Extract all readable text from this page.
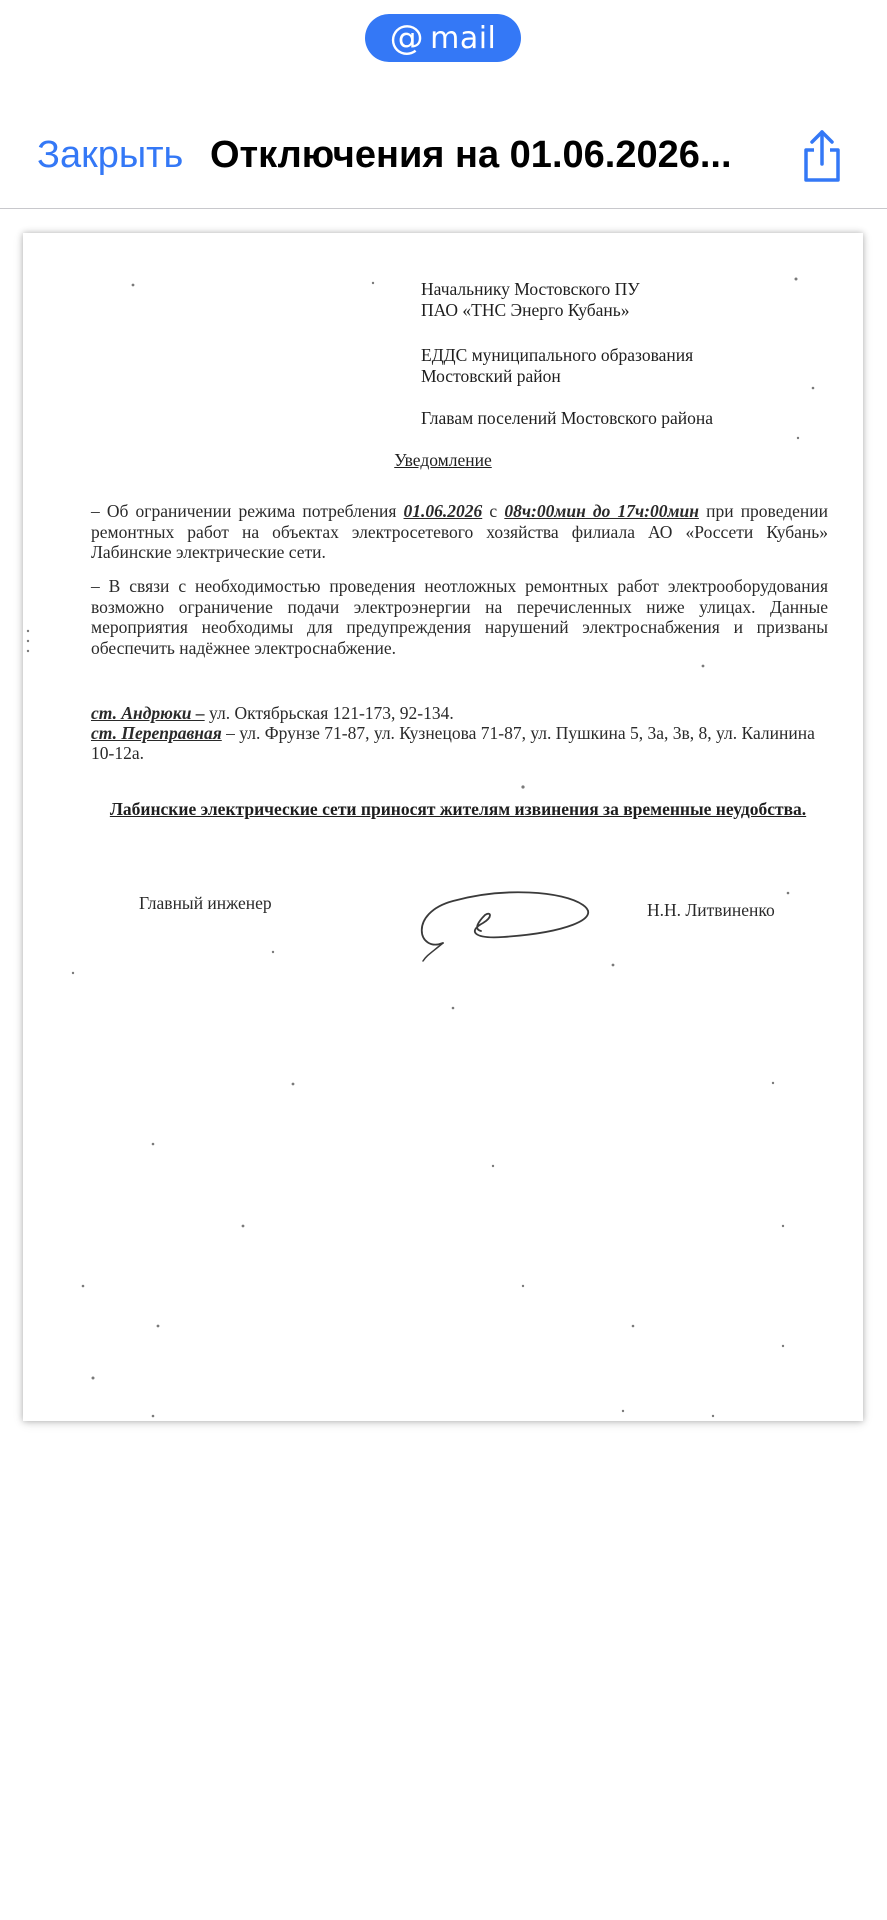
@ mail
Закрыть Отключения на 01.06.2026...
Начальнику Мостовского ПУ
ПАО «ТНС Энерго Кубань»
ЕДДС муниципального образования
Мостовский район
Главам поселений Мостовского района
Уведомление
– Об ограничении режима потребления 01.06.2026 с 08ч:00мин до 17ч:00мин при проведении ремонтных работ на объектах электросетевого хозяйства филиала АО «Россети Кубань» Лабинские электрические сети.
– В связи с необходимостью проведения неотложных ремонтных работ электрооборудования возможно ограничение подачи электроэнергии на перечисленных ниже улицах. Данные мероприятия необходимы для предупреждения нарушений электроснабжения и призваны обеспечить надёжнее электроснабжение.
ст. Андрюки – ул. Октябрьская 121-173, 92-134.
ст. Переправная – ул. Фрунзе 71-87, ул. Кузнецова 71-87, ул. Пушкина 5, 3а, 3в, 8, ул. Калинина 10-12а.
Лабинские электрические сети приносят жителям извинения за временные неудобства.
Главный инженер	Н.Н. Литвиненко
